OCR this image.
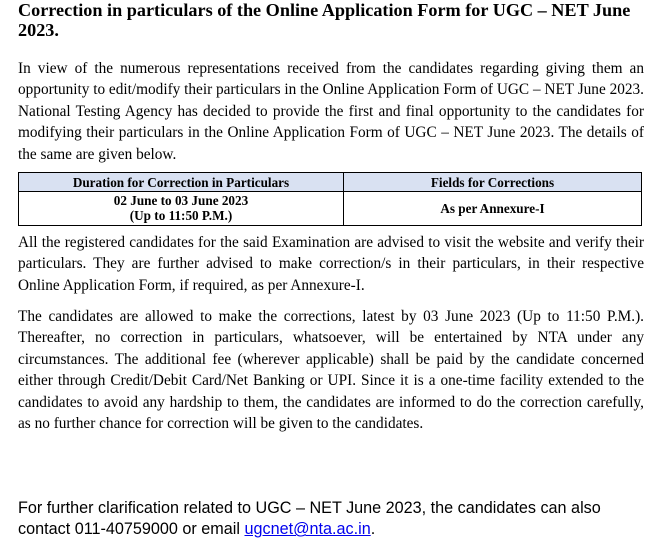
Correction in particulars of the Online Application Form for UGC – NET June 2023.

In view of the numerous representations received from the candidates regarding giving them an opportunity to edit/modify their particulars in the Online Application Form of UGC – NET June 2023. National Testing Agency has decided to provide the first and final opportunity to the candidates for modifying their particulars in the Online Application Form of UGC – NET June 2023. The details of the same are given below.

Duration for Correction in Particulars	Fields for Corrections

02 June to 03 June 2023
(Up to 11:50 P.M.)	As per Annexure-I

All the registered candidates for the said Examination are advised to visit the website and verify their particulars. They are further advised to make correction/s in their particulars, in their respective Online Application Form, if required, as per Annexure-I.

The candidates are allowed to make the corrections, latest by 03 June 2023 (Up to 11:50 P.M.). Thereafter, no correction in particulars, whatsoever, will be entertained by NTA under any circumstances. The additional fee (wherever applicable) shall be paid by the candidate concerned either through Credit/Debit Card/Net Banking or UPI. Since it is a one-time facility extended to the candidates to avoid any hardship to them, the candidates are informed to do the correction carefully, as no further chance for correction will be given to the candidates.

For further clarification related to UGC – NET June 2023, the candidates can also contact 011-40759000 or email ugcnet@nta.ac.in.
